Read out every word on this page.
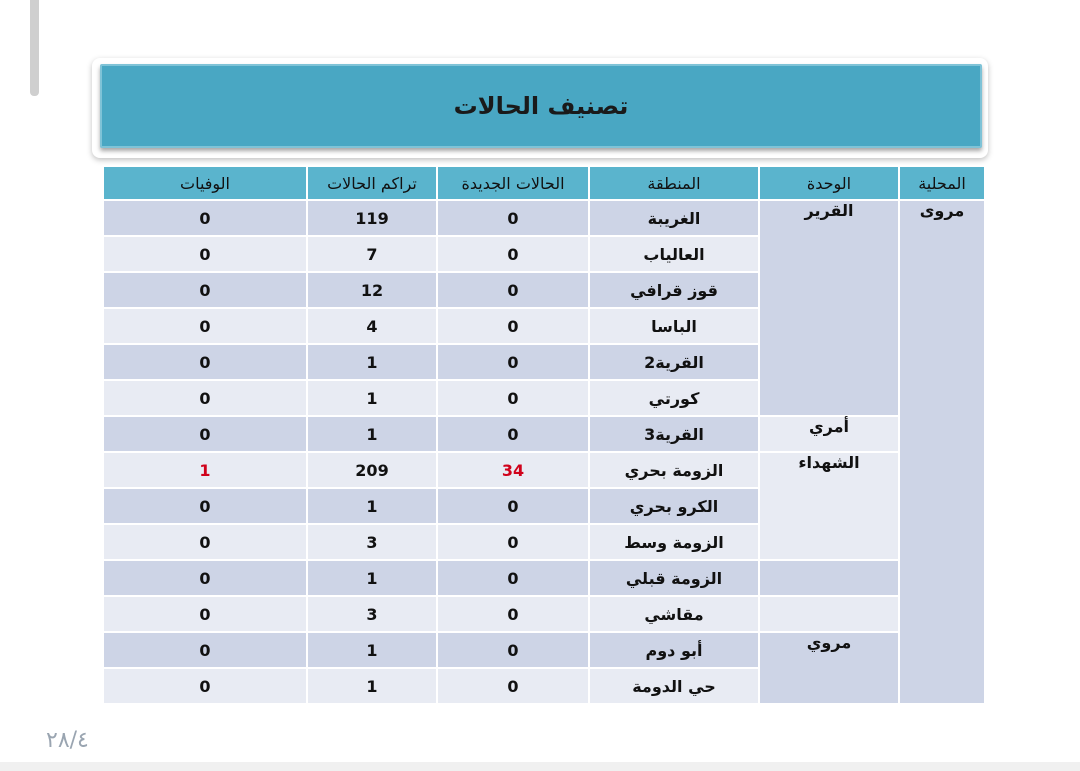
تصنيف الحالات
الوفيات	تراكم الحالات	الحالات الجديدة	المنطقة	الوحدة	المحلية
0	119	0	الغريبة	القرير	مروى
0	7	0	العالياب		
0	12	0	قوز قرافي		
0	4	0	الباسا		
0	1	0	القرية2		
0	1	0	كورتي		
0	1	0	القرية3	أمري	
1	209	34	الزومة بحري	الشهداء	
0	1	0	الكرو بحري		
0	3	0	الزومة وسط		
0	1	0	الزومة قبلي		
0	3	0	مقاشي		
0	1	0	أبو دوم	مروي	
0	1	0	حي الدومة		
٢٨/٤
